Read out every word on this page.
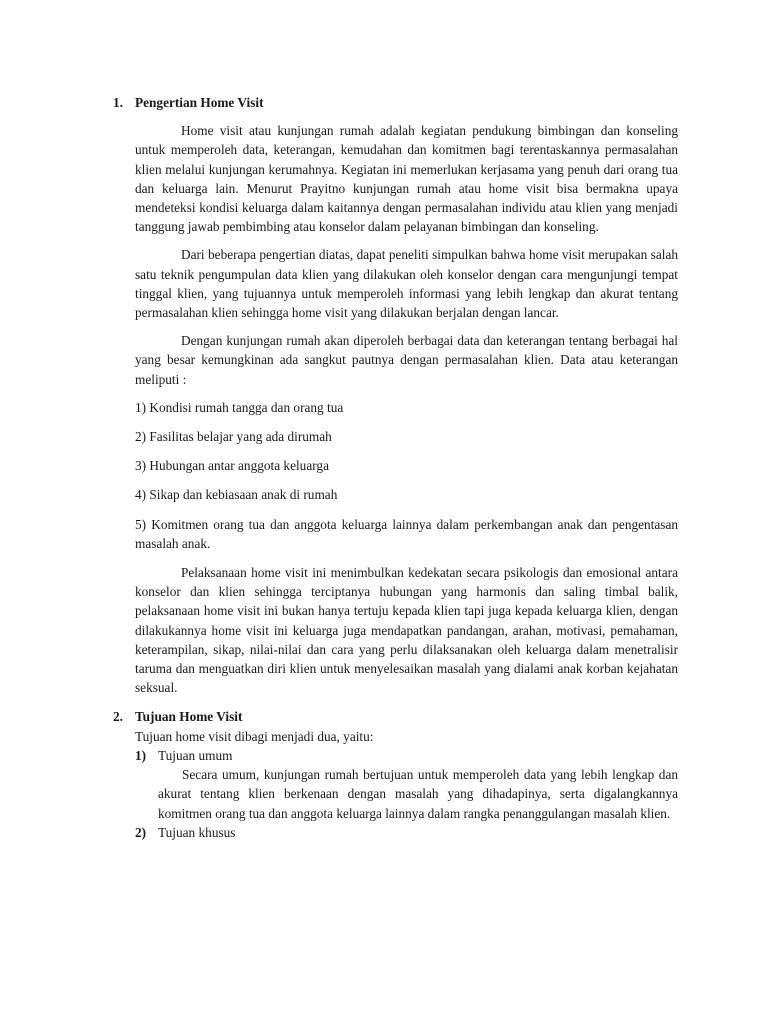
1. Pengertian Home Visit

Home visit atau kunjungan rumah adalah kegiatan pendukung bimbingan dan konseling untuk memperoleh data, keterangan, kemudahan dan komitmen bagi terentaskannya permasalahan klien melalui kunjungan kerumahnya. Kegiatan ini memerlukan kerjasama yang penuh dari orang tua dan keluarga lain. Menurut Prayitno kunjungan rumah atau home visit bisa bermakna upaya mendeteksi kondisi keluarga dalam kaitannya dengan permasalahan individu atau klien yang menjadi tanggung jawab pembimbing atau konselor dalam pelayanan bimbingan dan konseling.

Dari beberapa pengertian diatas, dapat peneliti simpulkan bahwa home visit merupakan salah satu teknik pengumpulan data klien yang dilakukan oleh konselor dengan cara mengunjungi tempat tinggal klien, yang tujuannya untuk memperoleh informasi yang lebih lengkap dan akurat tentang permasalahan klien sehingga home visit yang dilakukan berjalan dengan lancar.

Dengan kunjungan rumah akan diperoleh berbagai data dan keterangan tentang berbagai hal yang besar kemungkinan ada sangkut pautnya dengan permasalahan klien. Data atau keterangan meliputi :

1) Kondisi rumah tangga dan orang tua

2) Fasilitas belajar yang ada dirumah

3) Hubungan antar anggota keluarga

4) Sikap dan kebiasaan anak di rumah

5) Komitmen orang tua dan anggota keluarga lainnya dalam perkembangan anak dan pengentasan masalah anak.

Pelaksanaan home visit ini menimbulkan kedekatan secara psikologis dan emosional antara konselor dan klien sehingga terciptanya hubungan yang harmonis dan saling timbal balik, pelaksanaan home visit ini bukan hanya tertuju kepada klien tapi juga kepada keluarga klien, dengan dilakukannya home visit ini keluarga juga mendapatkan pandangan, arahan, motivasi, pemahaman, keterampilan, sikap, nilai-nilai dan cara yang perlu dilaksanakan oleh keluarga dalam menetralisir taruma dan menguatkan diri klien untuk menyelesaikan masalah yang dialami anak korban kejahatan seksual.

2. Tujuan Home Visit

Tujuan home visit dibagi menjadi dua, yaitu:

1) Tujuan umum

Secara umum, kunjungan rumah bertujuan untuk memperoleh data yang lebih lengkap dan akurat tentang klien berkenaan dengan masalah yang dihadapinya, serta digalangkannya komitmen orang tua dan anggota keluarga lainnya dalam rangka penanggulangan masalah klien.

2) Tujuan khusus
